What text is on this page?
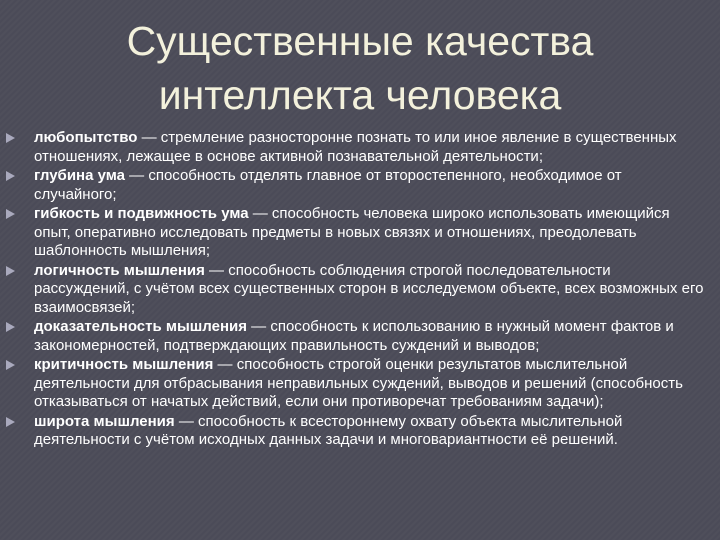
Существенные качества
интеллекта человека
любопытство — стремление разносторонне познать то или иное явление в существенных отношениях, лежащее в основе активной познавательной деятельности;
глубина ума — способность отделять главное от второстепенного, необходимое от случайного;
гибкость и подвижность ума — способность человека широко использовать имеющийся опыт, оперативно исследовать предметы в новых связях и отношениях, преодолевать шаблонность мышления;
логичность мышления — способность соблюдения строгой последовательности рассуждений, с учётом всех существенных сторон в исследуемом объекте, всех возможных его взаимосвязей;
доказательность мышления — способность к использованию в нужный момент фактов и закономерностей, подтверждающих правильность суждений и выводов;
критичность мышления — способность строгой оценки результатов мыслительной деятельности для отбрасывания неправильных суждений, выводов и решений (способность отказываться от начатых действий, если они противоречат требованиям задачи);
широта мышления — способность к всестороннему охвату объекта мыслительной деятельности с учётом исходных данных задачи и многовариантности её решений.
